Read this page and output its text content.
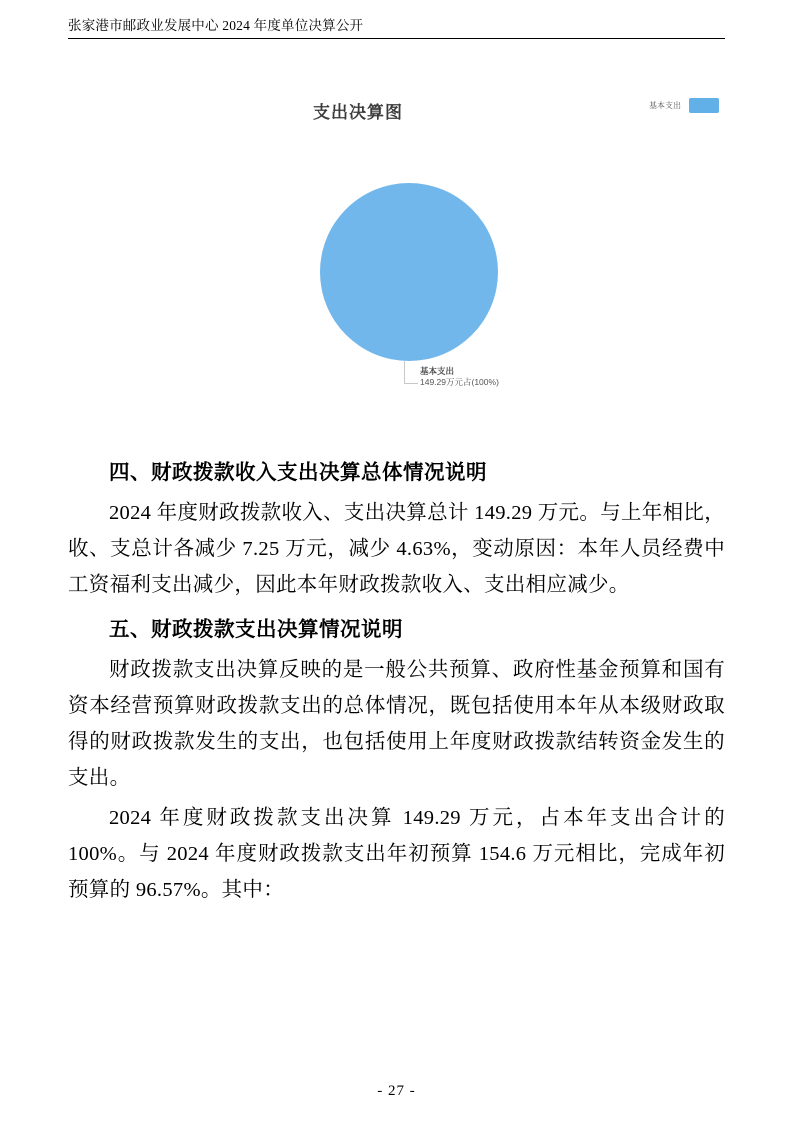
张家港市邮政业发展中心 2024 年度单位决算公开
支出决算图	基本支出
基本支出
149.29万元占(100%)
四、财政拨款收入支出决算总体情况说明

2024 年度财政拨款收入、支出决算总计 149.29 万元。与上年相比，收、支总计各减少 7.25 万元，减少 4.63%，变动原因：本年人员经费中工资福利支出减少，因此本年财政拨款收入、支出相应减少。

五、财政拨款支出决算情况说明

财政拨款支出决算反映的是一般公共预算、政府性基金预算和国有资本经营预算财政拨款支出的总体情况，既包括使用本年从本级财政取得的财政拨款发生的支出，也包括使用上年度财政拨款结转资金发生的支出。

2024 年度财政拨款支出决算 149.29 万元，占本年支出合计的 100%。与 2024 年度财政拨款支出年初预算 154.6 万元相比，完成年初预算的 96.57%。其中：

- 27 -
